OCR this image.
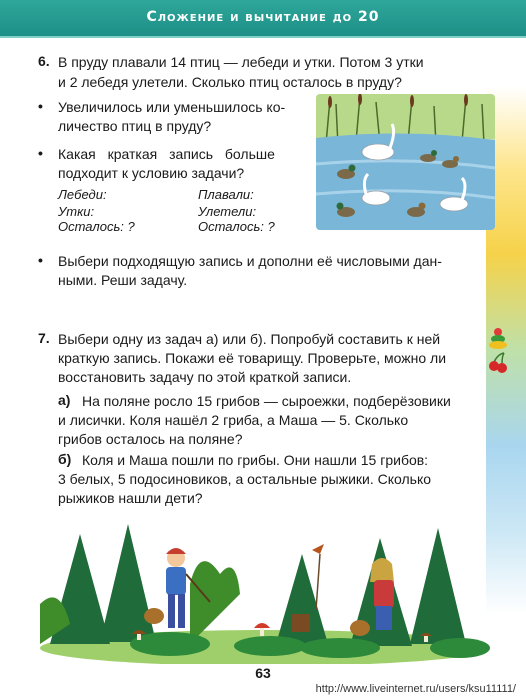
Сложение и вычитание до 20
6. В пруду плавали 14 птиц — лебеди и утки. Потом 3 утки

и 2 лебедя улетели. Сколько птиц осталось в пруду?

• Увеличилось или уменьшилось ко-

личество птиц в пруду?

• Какая краткая запись больше

подходит к условию задачи?

Лебеди:
Утки:
Осталось: ?
Плавали:
Улетели:
Осталось: ?
• Выбери подходящую запись и дополни её числовыми дан-

ными. Реши задачу.

7. Выбери одну из задач а) или б). Попробуй составить к ней

краткую запись. Покажи её товарищу. Проверьте, можно ли

восстановить задачу по этой краткой записи.

а) На поляне росло 15 грибов — сыроежки, подберёзовики

и лисички. Коля нашёл 2 гриба, а Маша — 5. Сколько

грибов осталось на поляне?

б) Коля и Маша пошли по грибы. Они нашли 15 грибов:

3 белых, 5 подосиновиков, а остальные рыжики. Сколько

рыжиков нашли дети?

63
http://www.liveinternet.ru/users/ksu11111/
